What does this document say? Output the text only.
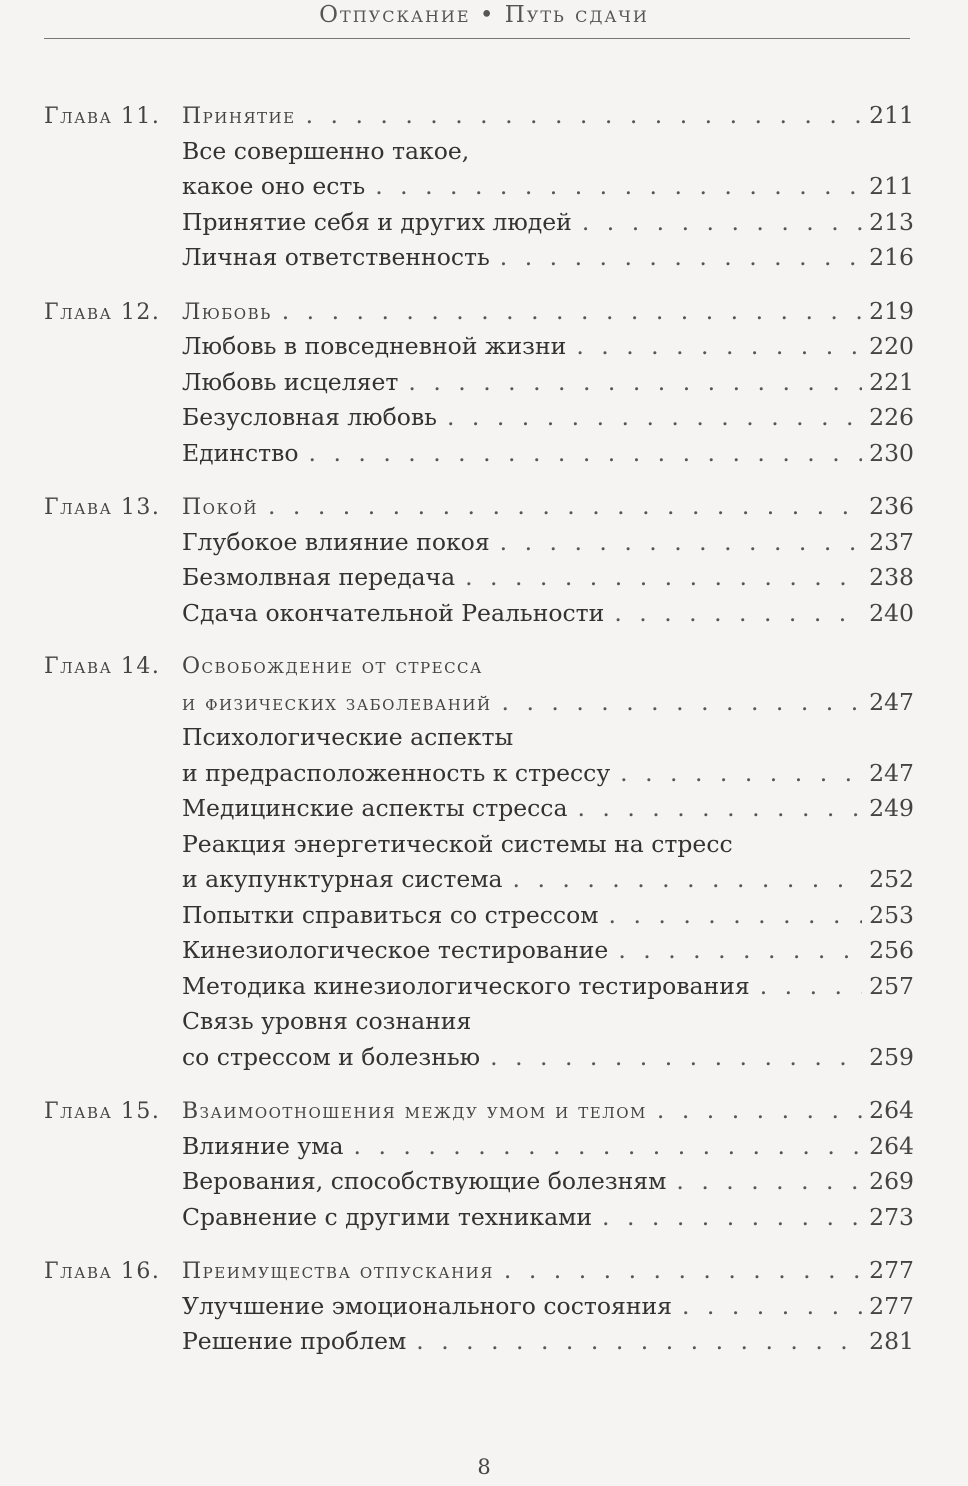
Отпускание • Путь сдачи
Глава 11. Принятие . . .	211
Все совершенно такое,
какое оно есть . . .	211
Принятие себя и других людей . . .	213
Личная ответственность . . .	216
Глава 12. Любовь . . .	219
Любовь в повседневной жизни . . .	220
Любовь исцеляет . . .	221
Безусловная любовь . . .	226
Единство . . .	230
Глава 13. Покой . . .	236
Глубокое влияние покоя . . .	237
Безмолвная передача . . .	238
Сдача окончательной Реальности . . .	240
Глава 14. Освобождение от стресса
и физических заболеваний . . .	247
Психологические аспекты
и предрасположенность к стрессу . . .	247
Медицинские аспекты стресса . . .	249
Реакция энергетической системы на стресс
и акупунктурная система . . .	252
Попытки справиться со стрессом . . .	253
Кинезиологическое тестирование . . .	256
Методика кинезиологического тестирования . . .	257
Связь уровня сознания
со стрессом и болезнью . . .	259
Глава 15. Взаимоотношения между умом и телом . . .	264
Влияние ума . . .	264
Верования, способствующие болезням . . .	269
Сравнение с другими техниками . . .	273
Глава 16. Преимущества отпускания . . .	277
Улучшение эмоционального состояния . . .	277
Решение проблем . . .	281
8
